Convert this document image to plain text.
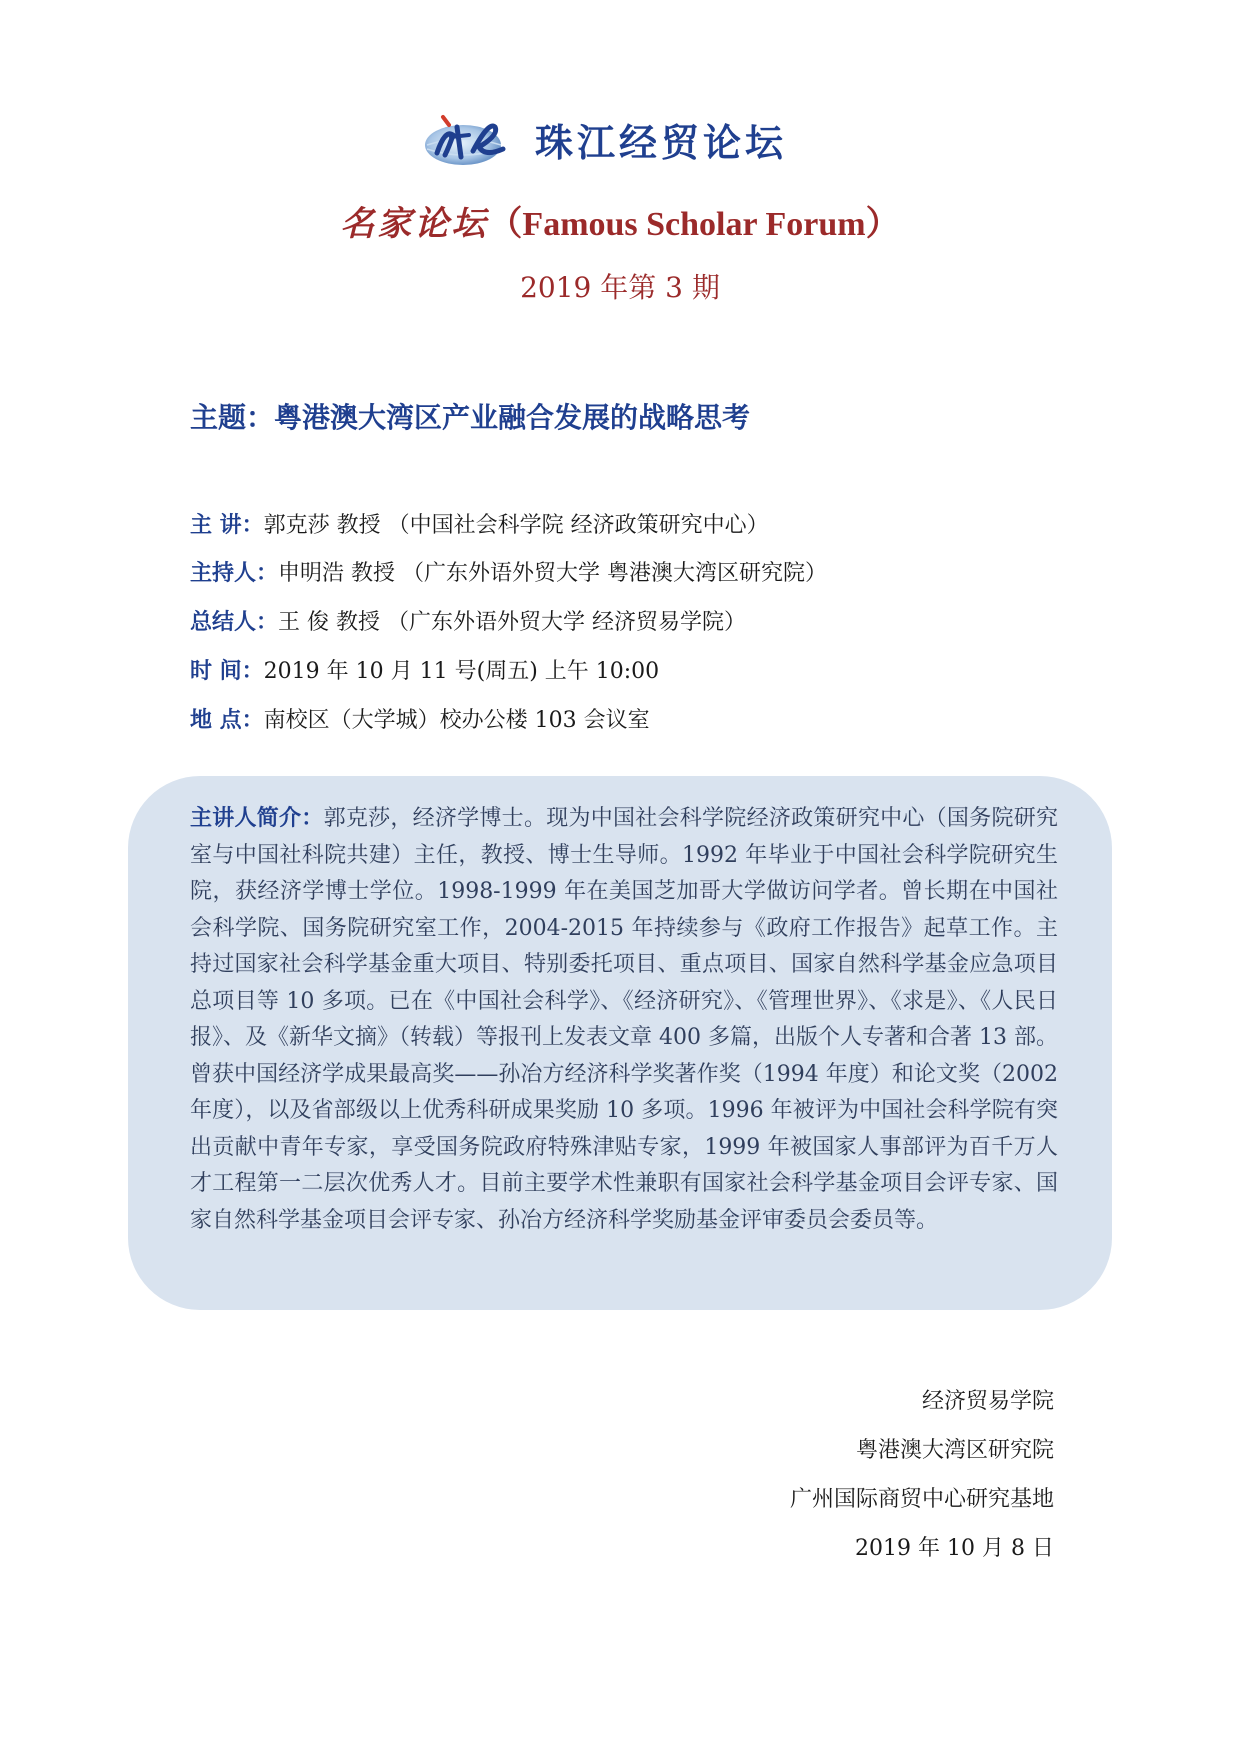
珠江经贸论坛
名家论坛（Famous Scholar Forum）
2019 年第 3 期
主题：粤港澳大湾区产业融合发展的战略思考
主 讲：郭克莎 教授 （中国社会科学院 经济政策研究中心）
主持人：申明浩 教授 （广东外语外贸大学 粤港澳大湾区研究院）
总结人：王 俊 教授 （广东外语外贸大学 经济贸易学院）
时 间：2019 年 10 月 11 号(周五) 上午 10:00
地 点：南校区（大学城）校办公楼 103 会议室
主讲人简介：郭克莎，经济学博士。现为中国社会科学院经济政策研究中心（国务院研究室与中国社科院共建）主任，教授、博士生导师。1992 年毕业于中国社会科学院研究生院，获经济学博士学位。1998-1999 年在美国芝加哥大学做访问学者。曾长期在中国社会科学院、国务院研究室工作，2004-2015 年持续参与《政府工作报告》起草工作。主持过国家社会科学基金重大项目、特别委托项目、重点项目、国家自然科学基金应急项目总项目等 10 多项。已在《中国社会科学》、《经济研究》、《管理世界》、《求是》、《人民日报》、及《新华文摘》（转载）等报刊上发表文章 400 多篇，出版个人专著和合著 13 部。曾获中国经济学成果最高奖——孙冶方经济科学奖著作奖（1994 年度）和论文奖（2002 年度），以及省部级以上优秀科研成果奖励 10 多项。1996 年被评为中国社会科学院有突出贡献中青年专家，享受国务院政府特殊津贴专家，1999 年被国家人事部评为百千万人才工程第一二层次优秀人才。目前主要学术性兼职有国家社会科学基金项目会评专家、国家自然科学基金项目会评专家、孙冶方经济科学奖励基金评审委员会委员等。
经济贸易学院
粤港澳大湾区研究院
广州国际商贸中心研究基地
2019 年 10 月 8 日
